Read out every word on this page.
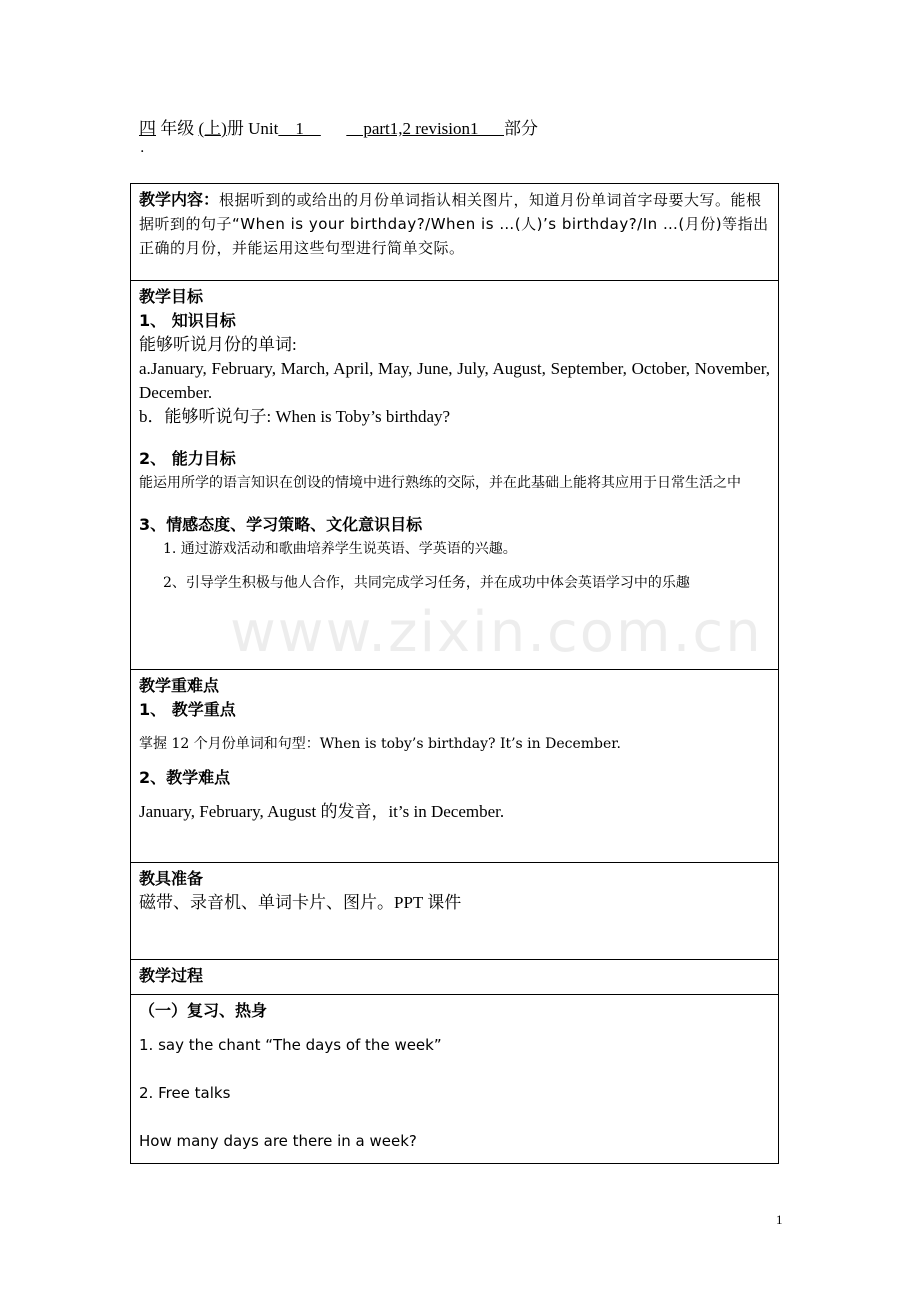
四 年级 (上)册 Unit    1              part1,2 revision1      部分
.
教学内容：根据听到的或给出的月份单词指认相关图片，知道月份单词首字母要大写。能根据听到的句子“When is your birthday?/When is …(人)’s birthday?/In …(月份)等指出正确的月份，并能运用这些句型进行简单交际。

教学目标
1、 知识目标
能够听说月份的单词:
a.January, February, March, April, May, June, July, August, September, October, November, December.
b．能够听说句子: When is Toby’s birthday?
2、 能力目标
能运用所学的语言知识在创设的情境中进行熟练的交际，并在此基础上能将其应用于日常生活之中
3、情感态度、学习策略、文化意识目标
1. 通过游戏活动和歌曲培养学生说英语、学英语的兴趣。
2、引导学生积极与他人合作，共同完成学习任务，并在成功中体会英语学习中的乐趣

教学重难点
1、 教学重点
掌握 12 个月份单词和句型：When is toby’s birthday? It’s in December.
2、教学难点
January, February, August 的发音，it’s in December.

教具准备
磁带、录音机、单词卡片、图片。PPT 课件

教学过程

（一）复习、热身
1. say the chant “The days of the week”
2. Free talks
How many days are there in a week?
www.zixin.com.cn
1
